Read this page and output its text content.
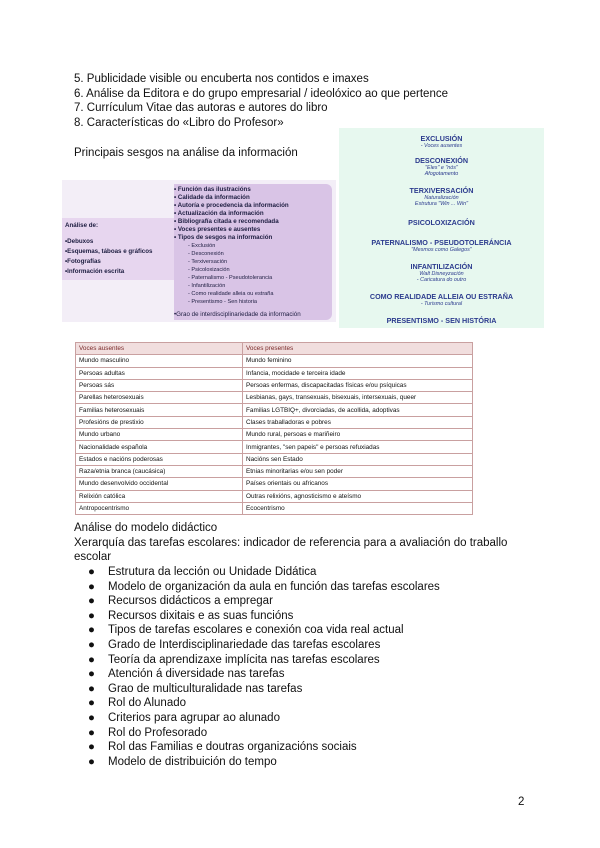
5. Publicidade visible ou encuberta nos contidos e imaxes
6. Análise da Editora e do grupo empresarial / ideolóxico ao que pertence
7. Currículum Vitae das autoras e autores do libro
8. Características do «Libro do Profesor»
Principais sesgos na análise da información
Análise de:
•Debuxos
•Esquemas, táboas e gráficos
•Fotografías
•Información escrita
•Grao de interdisciplinariedade da información
• Función das ilustracións
• Calidade da información
• Autoría e procedencia da información
• Actualización da información
• Bibliografía citada e recomendada
• Voces presentes e ausentes
• Tipos de sesgos na información
- Exclusión
- Desconexión
- Terxiversación
- Psicoloxización
- Paternalismo - Pseudotolerancia
- Infantilización
- Como realidade alleia ou estraña
- Presentismo - Sen historia
EXCLUSIÓN
- Voces ausentes
DESCONEXIÓN
"Eles" e "nós"
Afogotamento
TERXIVERSACIÓN
Naturalización
Estrutura "Win ... Win"
PSICOLOXIZACIÓN
PATERNALISMO - PSEUDOTOLERÁNCIA
"Mesmos como Galegos"
INFANTILIZACIÓN
Walt Disneyzación
- Caricatura do outro
COMO REALIDADE ALLEIA OU ESTRAÑA
- Turismo cultural
PRESENTISMO - SEN HISTÓRIA
Voces ausentes	Voces presentes
Mundo masculino	Mundo feminino
Persoas adultas	Infancia, mocidade e terceira idade
Persoas sás	Persoas enfermas, discapacitadas físicas e/ou psíquicas
Parellas heterosexuais	Lesbianas, gays, transexuais, bisexuais, intersexuais, queer
Familias heterosexuais	Familias LGTBIQ+, divorciadas, de acollida, adoptivas
Profesións de prestixio	Clases traballadoras e pobres
Mundo urbano	Mundo rural, persoas e mariñeiro
Nacionalidade española	Inmigrantes, "sen papeis" e persoas refuxiadas
Estados e nacións poderosas	Nacións sen Estado
Raza/etnia branca (caucásica)	Etnias minoritarias e/ou sen poder
Mundo desenvolvido occidental	Países orientais ou africanos
Relixión católica	Outras relixións, agnosticismo e ateísmo
Antropocentrismo	Ecocentrismo
Análise do modelo didáctico
Xerarquía das tarefas escolares: indicador de referencia para a avaliación do traballo
escolar
● Estrutura da lección ou Unidade Didática
● Modelo de organización da aula en función das tarefas escolares
● Recursos didácticos a empregar
● Recursos dixitais e as suas funcións
● Tipos de tarefas escolares e conexión coa vida real actual
● Grado de Interdisciplinariedade das tarefas escolares
● Teoría da aprendizaxe implícita nas tarefas escolares
● Atención á diversidade nas tarefas
● Grao de multiculturalidade nas tarefas
● Rol do Alunado
● Criterios para agrupar ao alunado
● Rol do Profesorado
● Rol das Familias e doutras organizacións sociais
● Modelo de distribuición do tempo
2
